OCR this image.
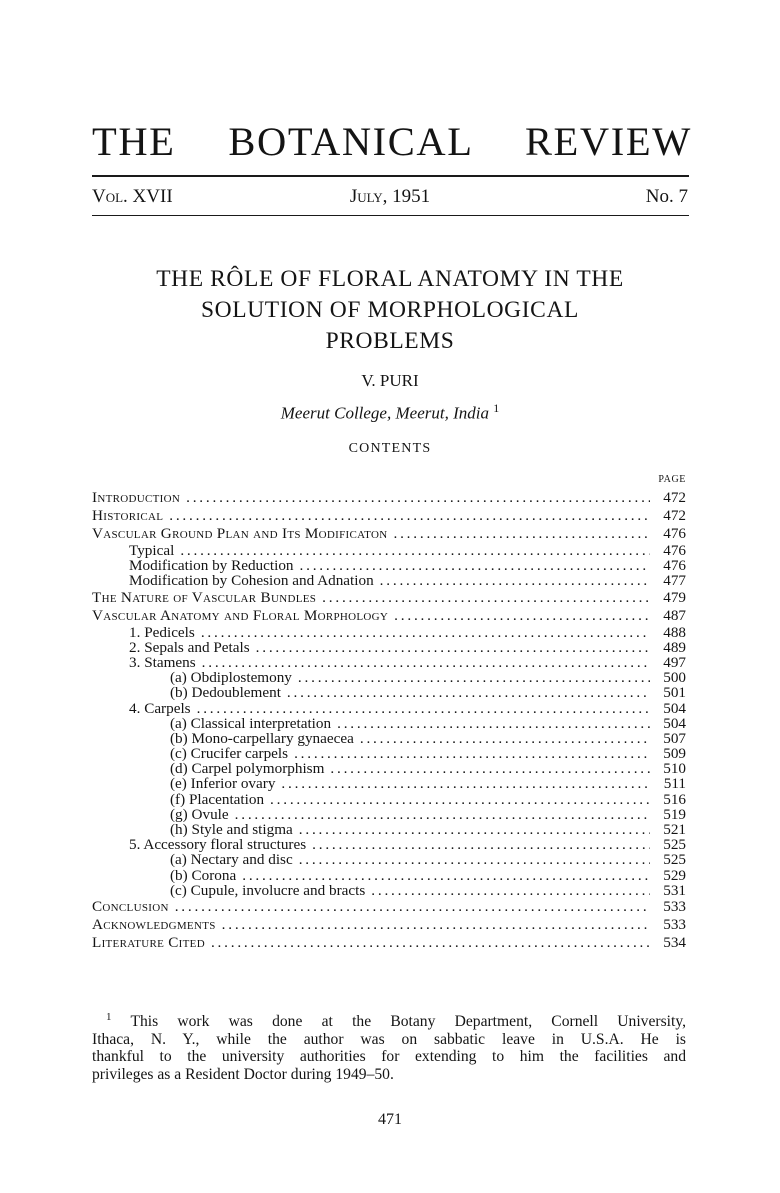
THE BOTANICAL REVIEW
Vol. XVII	July, 1951	No. 7
THE RÔLE OF FLORAL ANATOMY IN THE
SOLUTION OF MORPHOLOGICAL
PROBLEMS
V. PURI
Meerut College, Meerut, India $^1$
CONTENTS
PAGE
Introduction . . .	472
Historical . . .	472
Vascular Ground Plan and Its Modificaton . . .	476
Typical . . .	476
Modification by Reduction . . .	476
Modification by Cohesion and Adnation . . .	477
The Nature of Vascular Bundles . . .	479
Vascular Anatomy and Floral Morphology . . .	487
1. Pedicels . . .	488
2. Sepals and Petals . . .	489
3. Stamens . . .	497
(a) Obdiplostemony . . .	500
(b) Dedoublement . . .	501
4. Carpels . . .	504
(a) Classical interpretation . . .	504
(b) Mono-carpellary gynaecea . . .	507
(c) Crucifer carpels . . .	509
(d) Carpel polymorphism . . .	510
(e) Inferior ovary . . .	511
(f) Placentation . . .	516
(g) Ovule . . .	519
(h) Style and stigma . . .	521
5. Accessory floral structures . . .	525
(a) Nectary and disc . . .	525
(b) Corona . . .	529
(c) Cupule, involucre and bracts . . .	531
Conclusion . . .	533
Acknowledgments . . .	533
Literature Cited . . .	534
$^1$ This work was done at the Botany Department, Cornell University,
Ithaca, N. Y., while the author was on sabbatic leave in U.S.A. He is
thankful to the university authorities for extending to him the facilities and
privileges as a Resident Doctor during 1949–50.
471
